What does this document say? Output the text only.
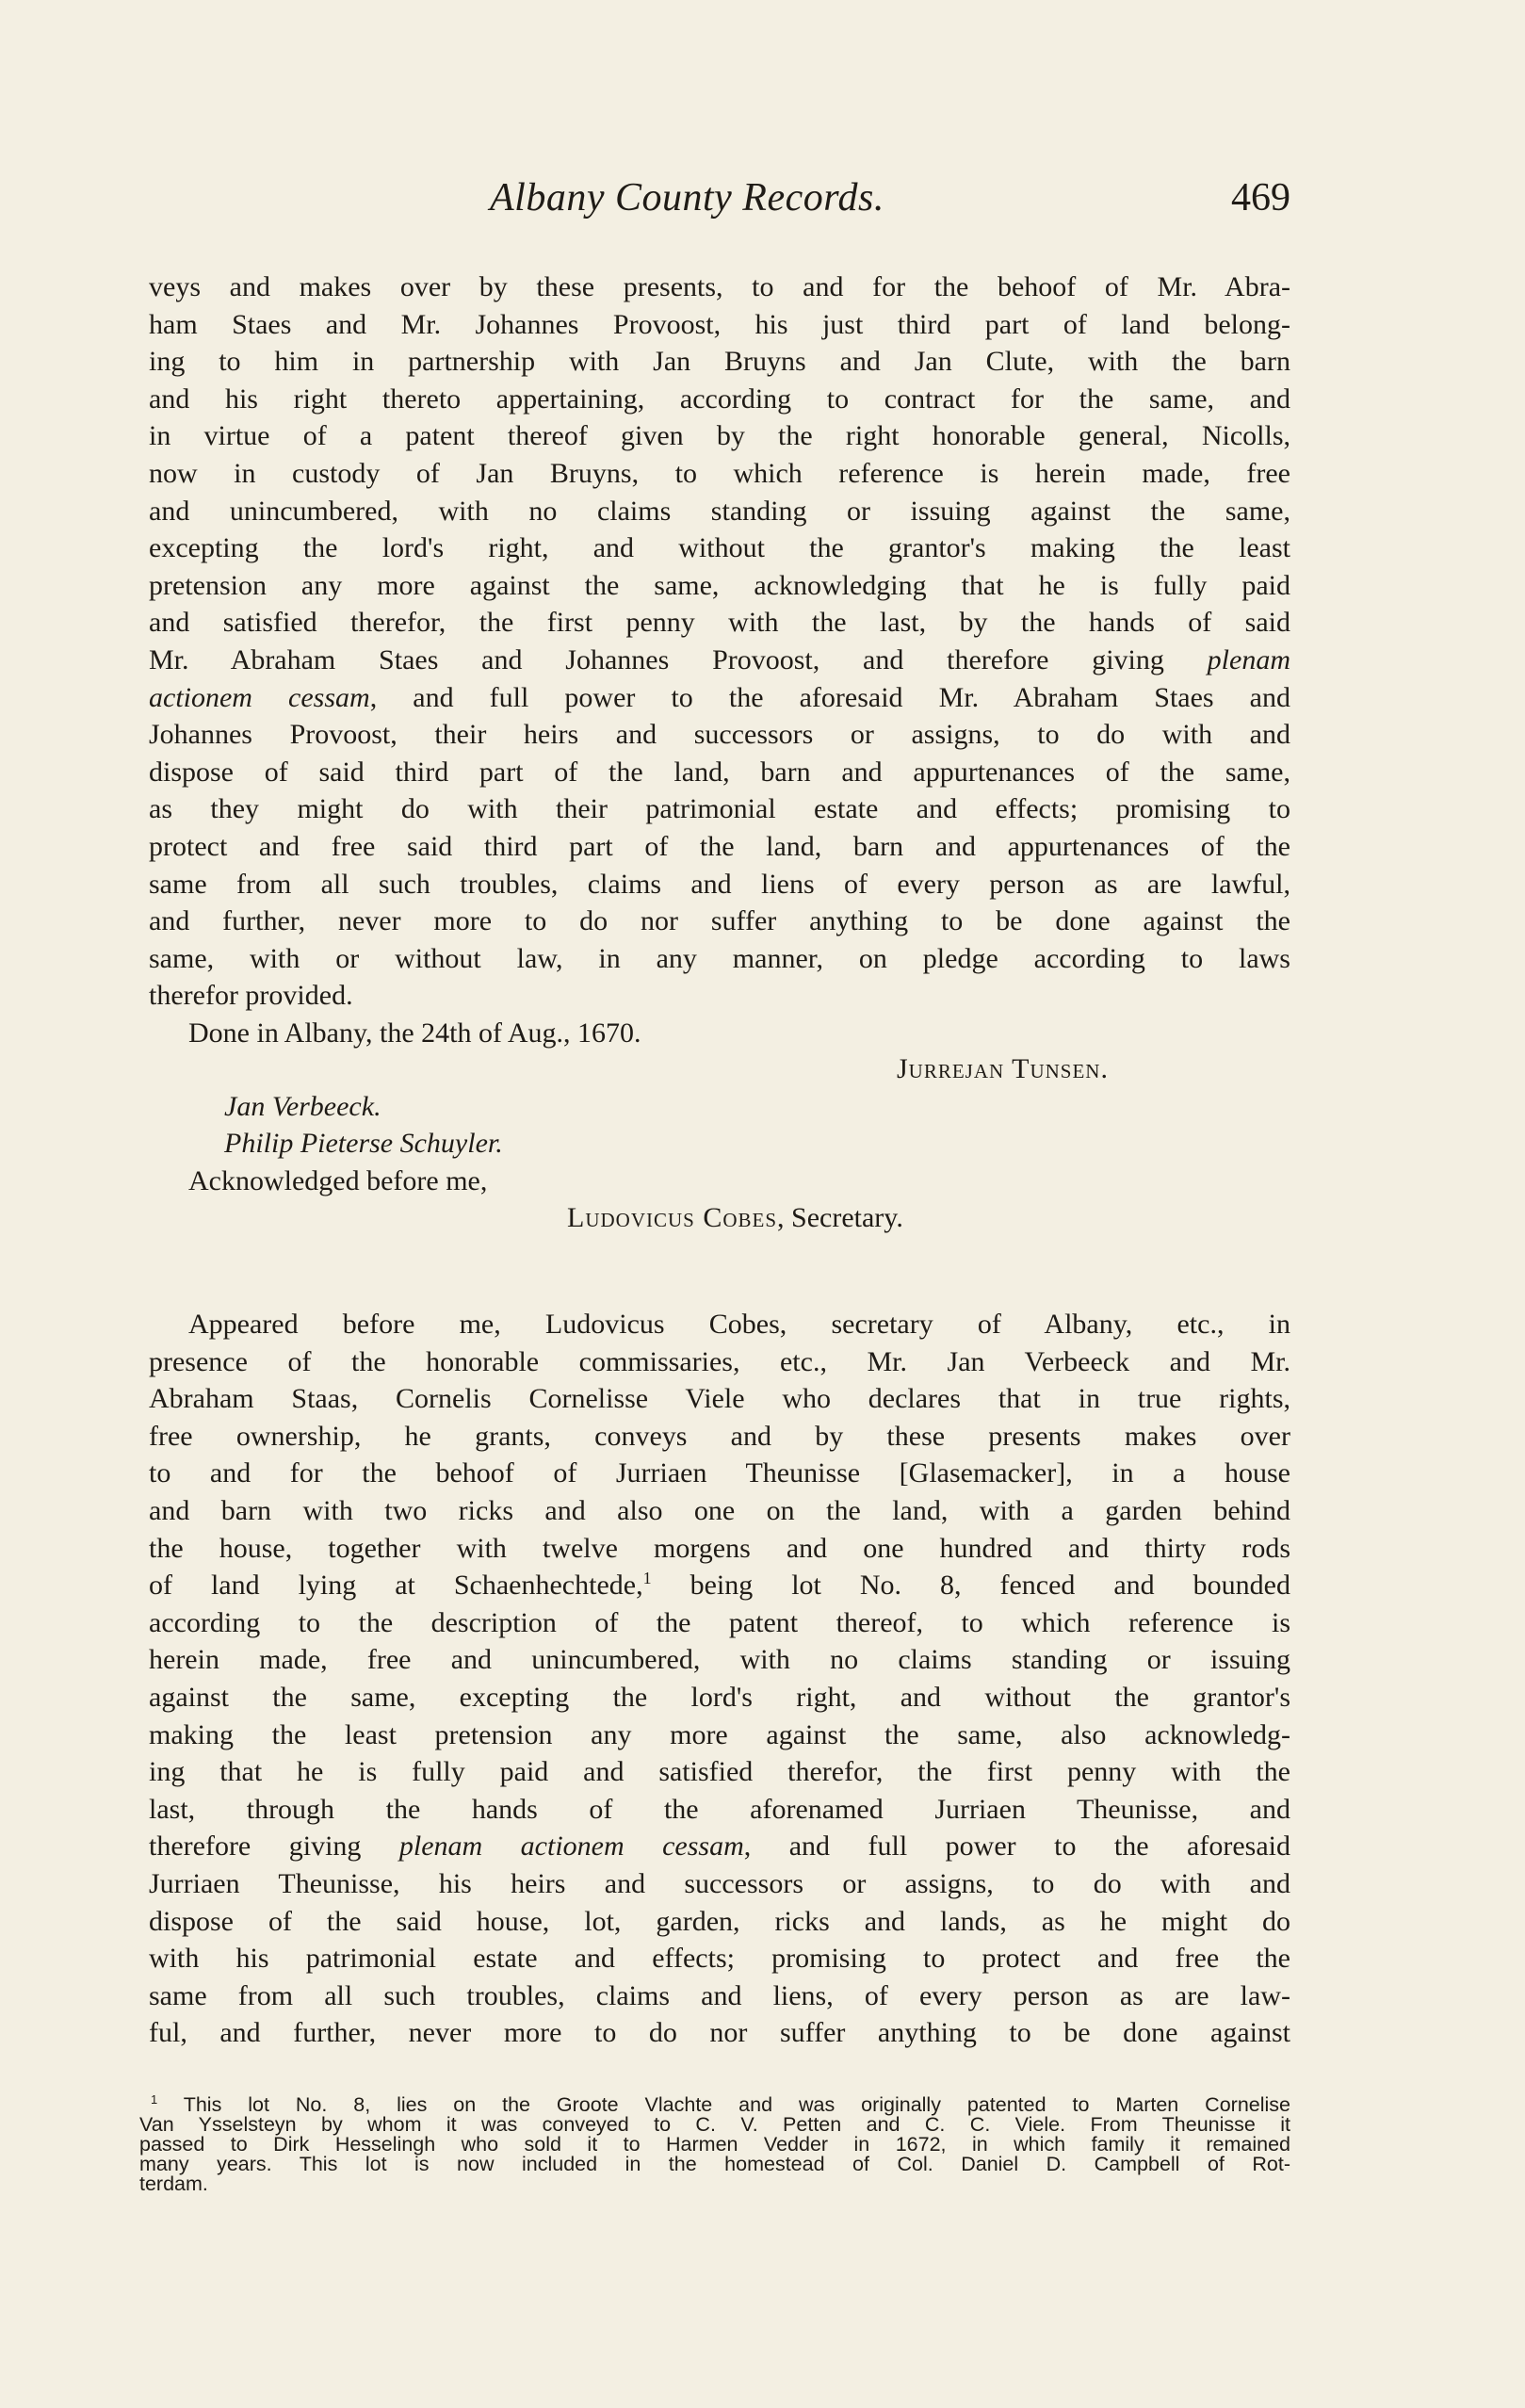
Albany County Records.	469
veys and makes over by these presents, to and for the behoof of Mr. Abra-
ham Staes and Mr. Johannes Provoost, his just third part of land belong-
ing to him in partnership with Jan Bruyns and Jan Clute, with the barn
and his right thereto appertaining, according to contract for the same, and
in virtue of a patent thereof given by the right honorable general, Nicolls,
now in custody of Jan Bruyns, to which reference is herein made, free
and unincumbered, with no claims standing or issuing against the same,
excepting the lord's right, and without the grantor's making the least
pretension any more against the same, acknowledging that he is fully paid
and satisfied therefor, the first penny with the last, by the hands of said
Mr. Abraham Staes and Johannes Provoost, and therefore giving plenam
actionem cessam, and full power to the aforesaid Mr. Abraham Staes and
Johannes Provoost, their heirs and successors or assigns, to do with and
dispose of said third part of the land, barn and appurtenances of the same,
as they might do with their patrimonial estate and effects; promising to
protect and free said third part of the land, barn and appurtenances of the
same from all such troubles, claims and liens of every person as are lawful,
and further, never more to do nor suffer anything to be done against the
same, with or without law, in any manner, on pledge according to laws
therefor provided.
Done in Albany, the 24th of Aug., 1670.
Jurrejan Tunsen.
Jan Verbeeck.
Philip Pieterse Schuyler.
Acknowledged before me,
Ludovicus Cobes, Secretary.
Appeared before me, Ludovicus Cobes, secretary of Albany, etc., in
presence of the honorable commissaries, etc., Mr. Jan Verbeeck and Mr.
Abraham Staas, Cornelis Cornelisse Viele who declares that in true rights,
free ownership, he grants, conveys and by these presents makes over
to and for the behoof of Jurriaen Theunisse [Glasemacker], in a house
and barn with two ricks and also one on the land, with a garden behind
the house, together with twelve morgens and one hundred and thirty rods
of land lying at Schaenhechtede,$^1$ being lot No. 8, fenced and bounded
according to the description of the patent thereof, to which reference is
herein made, free and unincumbered, with no claims standing or issuing
against the same, excepting the lord's right, and without the grantor's
making the least pretension any more against the same, also acknowledg-
ing that he is fully paid and satisfied therefor, the first penny with the
last, through the hands of the aforenamed Jurriaen Theunisse, and
therefore giving plenam actionem cessam, and full power to the aforesaid
Jurriaen Theunisse, his heirs and successors or assigns, to do with and
dispose of the said house, lot, garden, ricks and lands, as he might do
with his patrimonial estate and effects; promising to protect and free the
same from all such troubles, claims and liens, of every person as are law-
ful, and further, never more to do nor suffer anything to be done against
$^1$ This lot No. 8, lies on the Groote Vlachte and was originally patented to Marten Cornelise
Van Ysselsteyn by whom it was conveyed to C. V. Petten and C. C. Viele. From Theunisse it
passed to Dirk Hesselingh who sold it to Harmen Vedder in 1672, in which family it remained
many years. This lot is now included in the homestead of Col. Daniel D. Campbell of Rot-
terdam.
